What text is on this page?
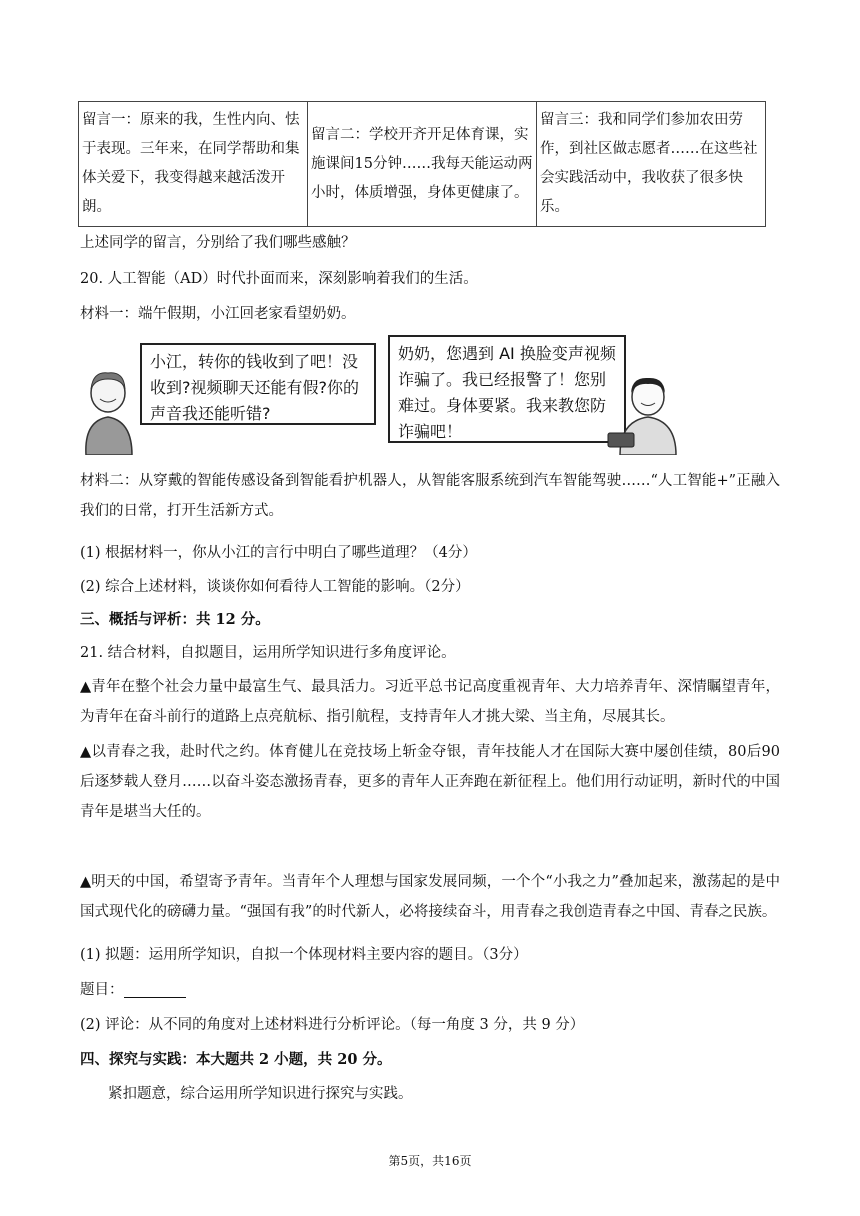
留言一：原来的我，生性内向、怯于表现。三年来，在同学帮助和集体关爱下，我变得越来越活泼开朗。	留言二：学校开齐开足体育课，实施课间15分钟……我每天能运动两小时，体质增强，身体更健康了。	留言三：我和同学们参加农田劳作，到社区做志愿者……在这些社会实践活动中，我收获了很多快乐。
上述同学的留言，分别给了我们哪些感触？
20. 人工智能（AD）时代扑面而来，深刻影响着我们的生活。
材料一：端午假期，小江回老家看望奶奶。
小江，转你的钱收到了吧！没收到?视频聊天还能有假?你的声音我还能听错?
奶奶，您遇到 AI 换脸变声视频诈骗了。我已经报警了！您别难过。身体要紧。我来教您防诈骗吧！
材料二：从穿戴的智能传感设备到智能看护机器人，从智能客服系统到汽车智能驾驶……“人工智能+”正融入我们的日常，打开生活新方式。
(1) 根据材料一，你从小江的言行中明白了哪些道理？（4分）
(2) 综合上述材料，谈谈你如何看待人工智能的影响。（2分）
三、概括与评析：共 12 分。
21. 结合材料，自拟题目，运用所学知识进行多角度评论。
▲青年在整个社会力量中最富生气、最具活力。习近平总书记高度重视青年、大力培养青年、深情瞩望青年，为青年在奋斗前行的道路上点亮航标、指引航程，支持青年人才挑大梁、当主角，尽展其长。
▲以青春之我，赴时代之约。体育健儿在竞技场上斩金夺银，青年技能人才在国际大赛中屡创佳绩，80后90后逐梦载人登月……以奋斗姿态激扬青春，更多的青年人正奔跑在新征程上。他们用行动证明，新时代的中国青年是堪当大任的。
▲明天的中国，希望寄予青年。当青年个人理想与国家发展同频，一个个“小我之力”叠加起来，激荡起的是中国式现代化的磅礴力量。“强国有我”的时代新人，必将接续奋斗，用青春之我创造青春之中国、青春之民族。
(1) 拟题：运用所学知识，自拟一个体现材料主要内容的题目。（3分）
题目：
(2) 评论：从不同的角度对上述材料进行分析评论。（每一角度 3 分，共 9 分）
四、探究与实践：本大题共 2 小题，共 20 分。
紧扣题意，综合运用所学知识进行探究与实践。
第5页，共16页
